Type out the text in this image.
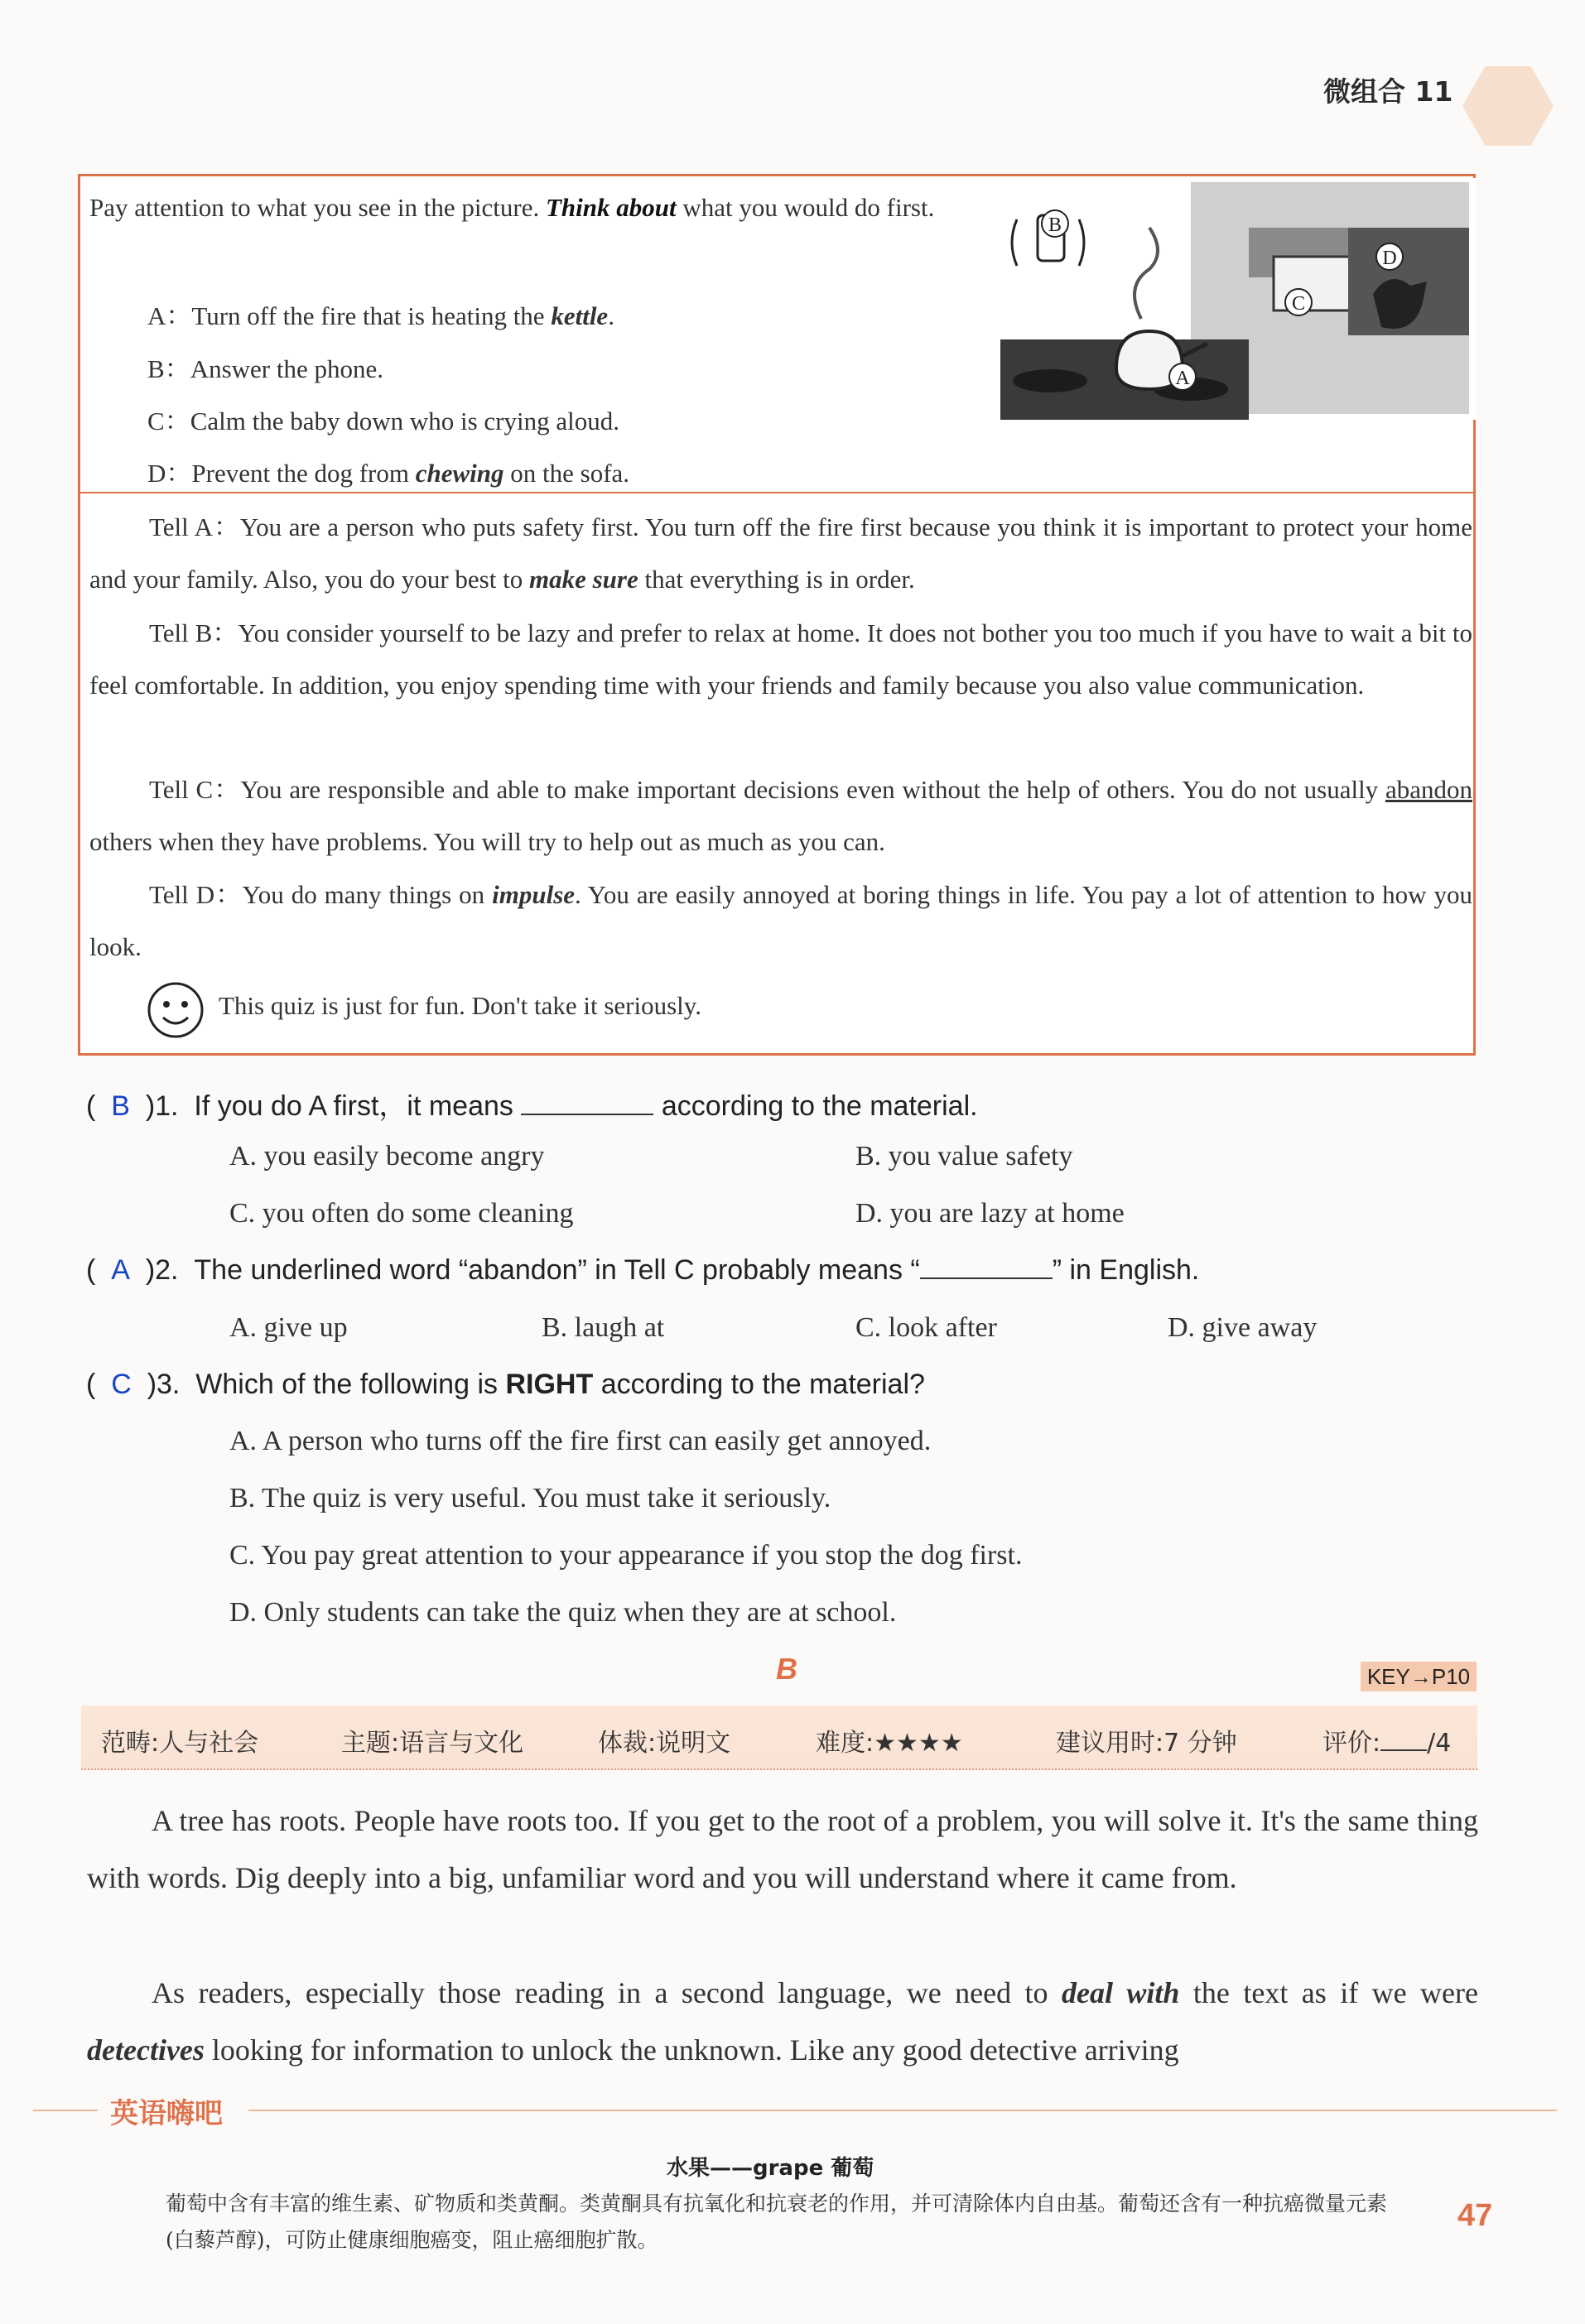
微组合 11
Pay attention to what you see in the picture. Think about what you would do first.
A：Turn off the fire that is heating the kettle.
B：Answer the phone.
C：Calm the baby down who is crying aloud.
D：Prevent the dog from chewing on the sofa.
B
C
D
A
Tell A：You are a person who puts safety first. You turn off the fire first because you think it is important to protect your home and your family. Also, you do your best to make sure that everything is in order.
Tell B：You consider yourself to be lazy and prefer to relax at home. It does not bother you too much if you have to wait a bit to feel comfortable. In addition, you enjoy spending time with your friends and family because you also value communication.
Tell C：You are responsible and able to make important decisions even without the help of others. You do not usually abandon others when they have problems. You will try to help out as much as you can.
Tell D：You do many things on impulse. You are easily annoyed at boring things in life. You pay a lot of attention to how you look.
This quiz is just for fun. Don't take it seriously.
(  B )1. If you do A first，it means	according to the material.
A. you easily become angry	B. you value safety
C. you often do some cleaning	D. you are lazy at home
(  A )2. The underlined word “abandon” in Tell C probably means “	” in English.
A. give up	B. laugh at	C. look after	D. give away
(  C )3. Which of the following is RIGHT according to the material?
A. A person who turns off the fire first can easily get annoyed.
B. The quiz is very useful. You must take it seriously.
C. You pay great attention to your appearance if you stop the dog first.
D. Only students can take the quiz when they are at school.
B	KEY→P10
范畴:人与社会	主题:语言与文化	体裁:说明文	难度:★★★★	建议用时:7 分钟	评价: /4
A tree has roots. People have roots too. If you get to the root of a problem, you will solve it. It's the same thing with words. Dig deeply into a big, unfamiliar word and you will understand where it came from.
As readers, especially those reading in a second language, we need to deal with the text as if we were detectives looking for information to unlock the unknown. Like any good detective arriving
英语嗨吧
水果——grape 葡萄
葡萄中含有丰富的维生素、矿物质和类黄酮。类黄酮具有抗氧化和抗衰老的作用，并可清除体内自由基。葡萄还含有一种抗癌微量元素(白藜芦醇)，可防止健康细胞癌变，阻止癌细胞扩散。
47
